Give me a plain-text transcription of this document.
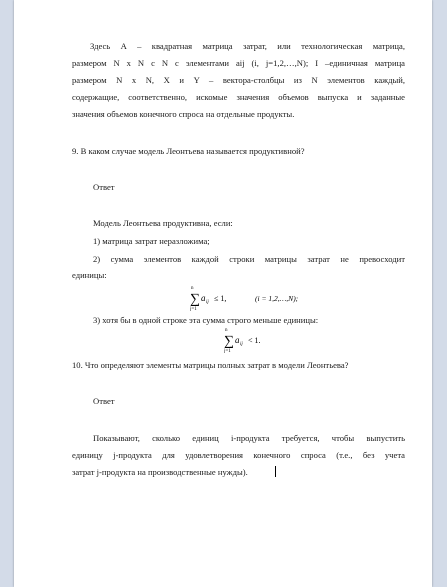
Здесь А – квадратная матрица затрат, или технологическая матрица,
размером N x N с N с элементами aij (i, j=1,2,…,N); I –единичная матрица
размером N x N, X и Y – вектора-столбцы из N элементов каждый,
содержащие, соответственно, искомые значения объемов выпуска и заданные
значения объемов конечного спроса на отдельные продукты.
9. В каком случае модель Леонтьева называется продуктивной?
Ответ
Модель Леонтьева продуктивна, если:
1) матрица затрат неразложима;
2) сумма элементов каждой строки матрицы затрат не превосходит
единицы:
n
∑
j=1
a ij ≤ 1,	(i = 1,2,…,N);
3) хотя бы в одной строке эта сумма строго меньше единицы:
n
∑
j=1
a ij < 1.
10. Что определяют элементы матрицы полных затрат в модели Леонтьева?
Ответ
Показывают, сколько единиц i-продукта требуется, чтобы выпустить
единицу j-продукта для удовлетворения конечного спроса (т.е., без учета
затрат j-продукта на производственные нужды).
